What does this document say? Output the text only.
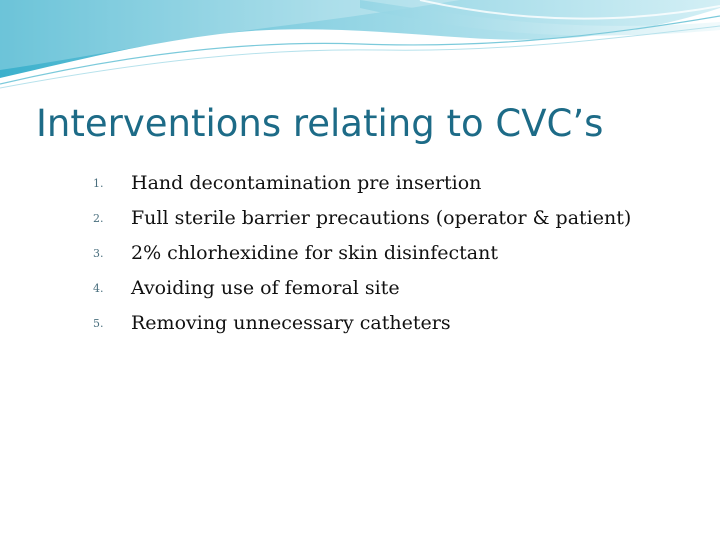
Interventions relating to CVC’s
1. Hand decontamination pre insertion
2. Full sterile barrier precautions (operator & patient)
3. 2% chlorhexidine for skin disinfectant
4. Avoiding use of femoral site
5. Removing unnecessary catheters
